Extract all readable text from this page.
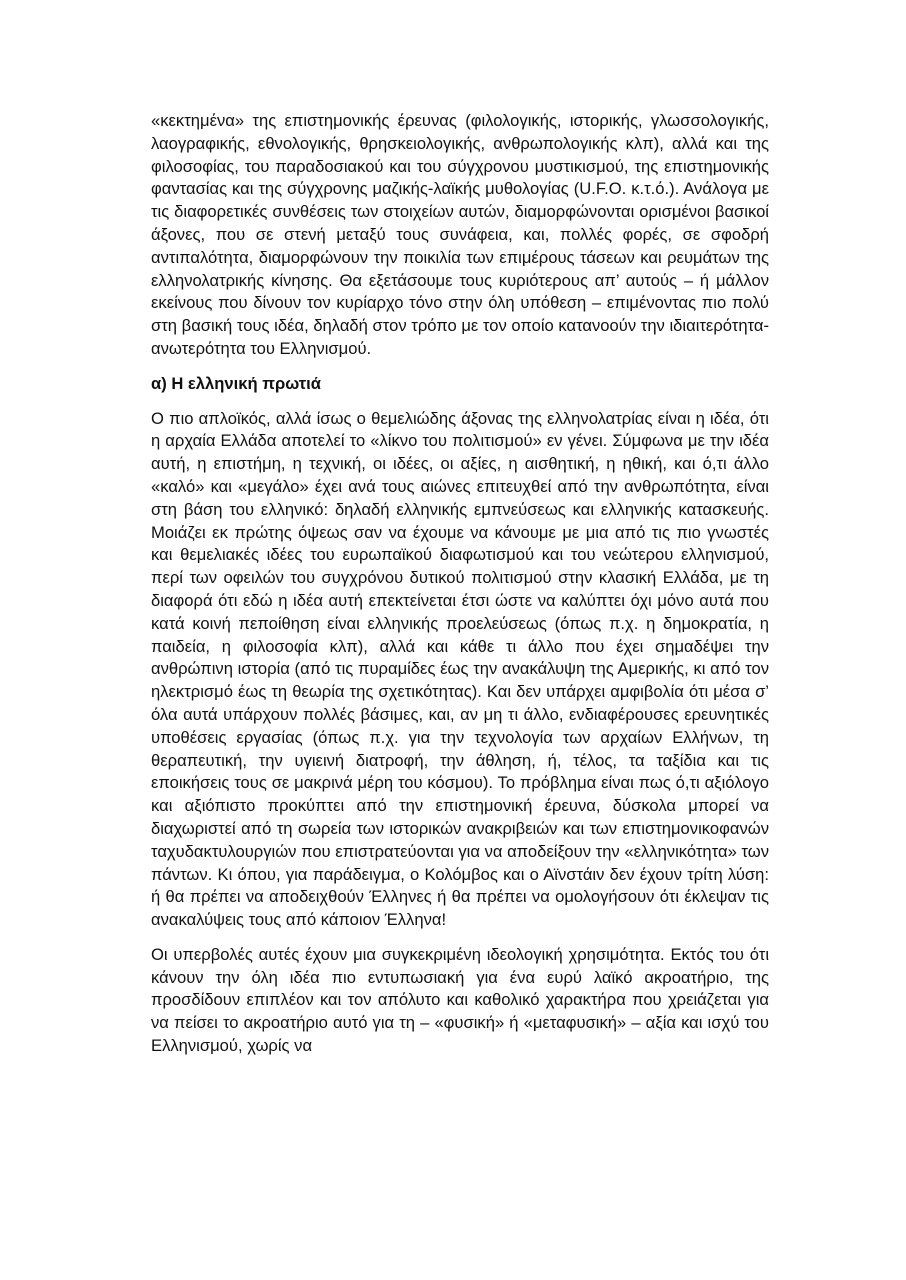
«κεκτημένα» της επιστημονικής έρευνας (φιλολογικής, ιστορικής, γλωσσολογικής, λαογραφικής, εθνολογικής, θρησκειολογικής, ανθρωπολογικής κλπ), αλλά και της φιλοσοφίας, του παραδοσιακού και του σύγχρονου μυστικισμού, της επιστημονικής φαντασίας και της σύγχρονης μαζικής-λαϊκής μυθολογίας (U.F.O. κ.τ.ό.). Ανάλογα με τις διαφορετικές συνθέσεις των στοιχείων αυτών, διαμορφώνονται ορισμένοι βασικοί άξονες, που σε στενή μεταξύ τους συνάφεια, και, πολλές φορές, σε σφοδρή αντιπαλότητα, διαμορφώνουν την ποικιλία των επιμέρους τάσεων και ρευμάτων της ελληνολατρικής κίνησης. Θα εξετάσουμε τους κυριότερους απ’ αυτούς – ή μάλλον εκείνους που δίνουν τον κυρίαρχο τόνο στην όλη υπόθεση – επιμένοντας πιο πολύ στη βασική τους ιδέα, δηλαδή στον τρόπο με τον οποίο κατανοούν την ιδιαιτερότητα-ανωτερότητα του Ελληνισμού.

α) Η ελληνική πρωτιά

Ο πιο απλοϊκός, αλλά ίσως ο θεμελιώδης άξονας της ελληνολατρίας είναι η ιδέα, ότι η αρχαία Ελλάδα αποτελεί το «λίκνο του πολιτισμού» εν γένει. Σύμφωνα με την ιδέα αυτή, η επιστήμη, η τεχνική, οι ιδέες, οι αξίες, η αισθητική, η ηθική, και ό,τι άλλο «καλό» και «μεγάλο» έχει ανά τους αιώνες επιτευχθεί από την ανθρωπότητα, είναι στη βάση του ελληνικό: δηλαδή ελληνικής εμπνεύσεως και ελληνικής κατασκευής. Μοιάζει εκ πρώτης όψεως σαν να έχουμε να κάνουμε με μια από τις πιο γνωστές και θεμελιακές ιδέες του ευρωπαϊκού διαφωτισμού και του νεώτερου ελληνισμού, περί των οφειλών του συγχρόνου δυτικού πολιτισμού στην κλασική Ελλάδα, με τη διαφορά ότι εδώ η ιδέα αυτή επεκτείνεται έτσι ώστε να καλύπτει όχι μόνο αυτά που κατά κοινή πεποίθηση είναι ελληνικής προελεύσεως (όπως π.χ. η δημοκρατία, η παιδεία, η φιλοσοφία κλπ), αλλά και κάθε τι άλλο που έχει σημαδέψει την ανθρώπινη ιστορία (από τις πυραμίδες έως την ανακάλυψη της Αμερικής, κι από τον ηλεκτρισμό έως τη θεωρία της σχετικότητας). Και δεν υπάρχει αμφιβολία ότι μέσα σ’ όλα αυτά υπάρχουν πολλές βάσιμες, και, αν μη τι άλλο, ενδιαφέρουσες ερευνητικές υποθέσεις εργασίας (όπως π.χ. για την τεχνολογία των αρχαίων Ελλήνων, τη θεραπευτική, την υγιεινή διατροφή, την άθληση, ή, τέλος, τα ταξίδια και τις εποικήσεις τους σε μακρινά μέρη του κόσμου). Το πρόβλημα είναι πως ό,τι αξιόλογο και αξιόπιστο προκύπτει από την επιστημονική έρευνα, δύσκολα μπορεί να διαχωριστεί από τη σωρεία των ιστορικών ανακριβειών και των επιστημονικοφανών ταχυδακτυλουργιών που επιστρατεύονται για να αποδείξουν την «ελληνικότητα» των πάντων. Κι όπου, για παράδειγμα, ο Κολόμβος και ο Αϊνστάιν δεν έχουν τρίτη λύση: ή θα πρέπει να αποδειχθούν Έλληνες ή θα πρέπει να ομολογήσουν ότι έκλεψαν τις ανακαλύψεις τους από κάποιον Έλληνα!

Οι υπερβολές αυτές έχουν μια συγκεκριμένη ιδεολογική χρησιμότητα. Εκτός του ότι κάνουν την όλη ιδέα πιο εντυπωσιακή για ένα ευρύ λαϊκό ακροατήριο, της προσδίδουν επιπλέον και τον απόλυτο και καθολικό χαρακτήρα που χρειάζεται για να πείσει το ακροατήριο αυτό για τη – «φυσική» ή «μεταφυσική» – αξία και ισχύ του Ελληνισμού, χωρίς να
